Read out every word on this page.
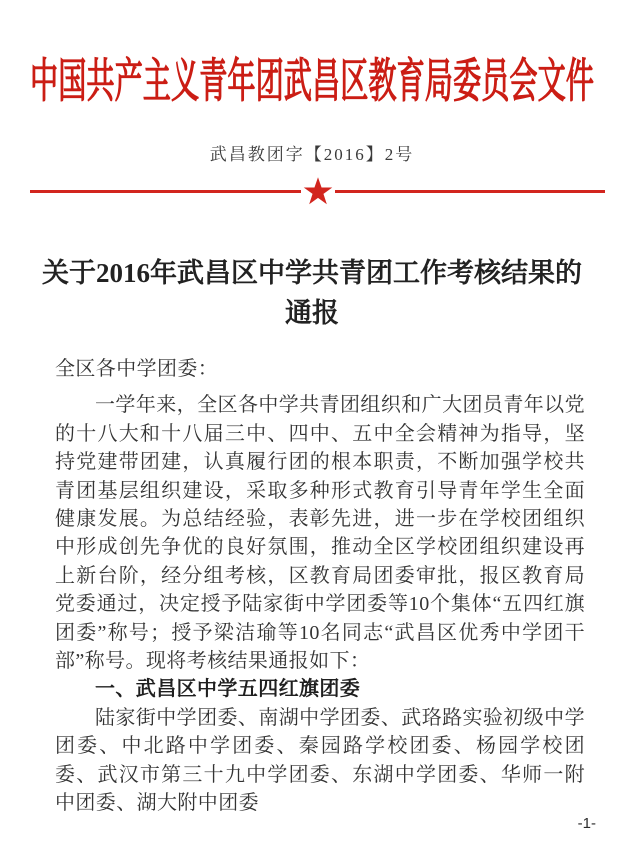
中国共产主义青年团武昌区教育局委员会文件
武昌教团字【2016】2号
关于2016年武昌区中学共青团工作考核结果的通报

全区各中学团委：

一学年来，全区各中学共青团组织和广大团员青年以党的十八大和十八届三中、四中、五中全会精神为指导，坚持党建带团建，认真履行团的根本职责，不断加强学校共青团基层组织建设，采取多种形式教育引导青年学生全面健康发展。为总结经验，表彰先进，进一步在学校团组织中形成创先争优的良好氛围，推动全区学校团组织建设再上新台阶，经分组考核，区教育局团委审批，报区教育局党委通过，决定授予陆家街中学团委等10个集体“五四红旗团委”称号；授予梁洁瑜等10名同志“武昌区优秀中学团干部”称号。现将考核结果通报如下：

一、武昌区中学五四红旗团委

陆家街中学团委、南湖中学团委、武珞路实验初级中学团委、中北路中学团委、秦园路学校团委、杨园学校团委、武汉市第三十九中学团委、东湖中学团委、华师一附中团委、湖大附中团委

-1-
